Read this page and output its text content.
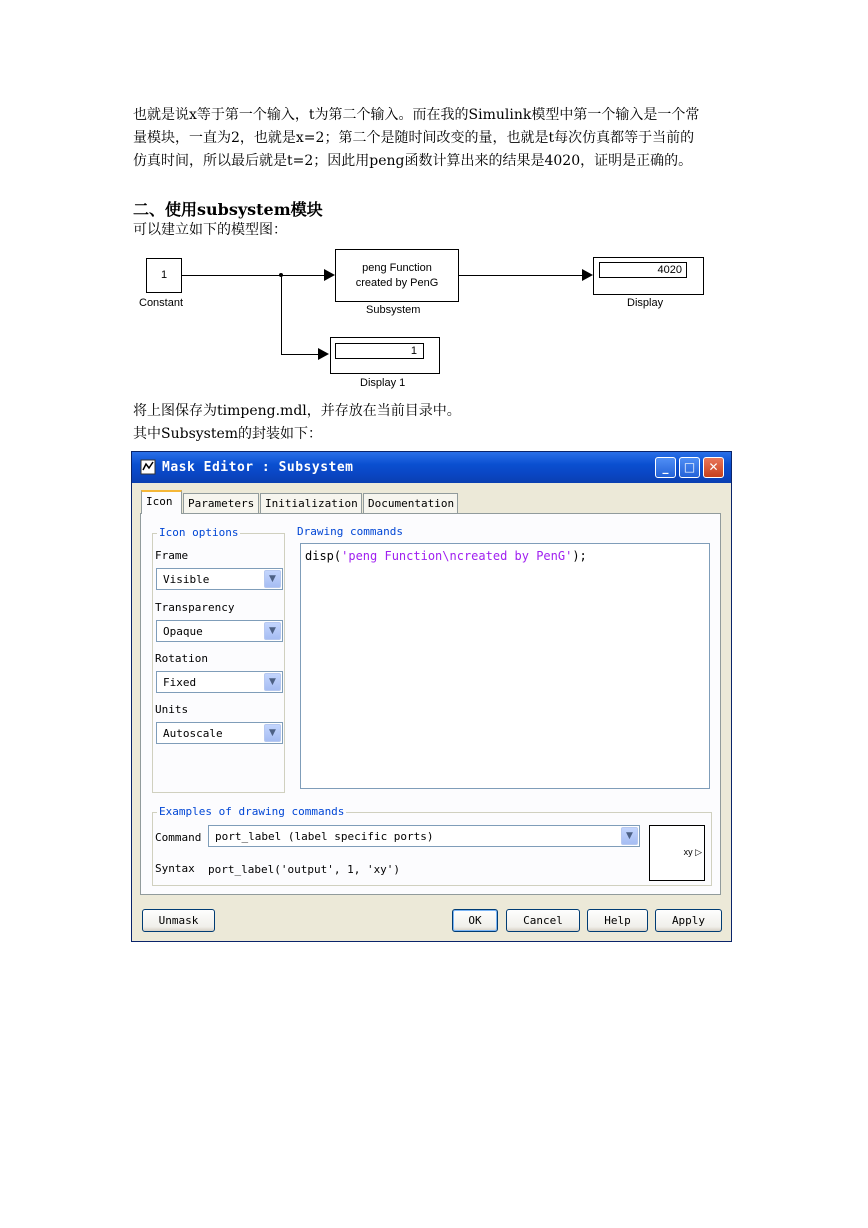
也就是说x等于第一个输入，t为第二个输入。而在我的Simulink模型中第一个输入是一个常
量模块，一直为2，也就是x=2；第二个是随时间改变的量，也就是t每次仿真都等于当前的
仿真时间，所以最后就是t=2；因此用peng函数计算出来的结果是4020，证明是正确的。
二、使用subsystem模块
可以建立如下的模型图：
1
Constant
peng Function
created by PenG
Subsystem
4020
Display
1
Display 1
将上图保存为timpeng.mdl，并存放在当前目录中。
其中Subsystem的封装如下：
Mask Editor : Subsystem	_	□	✕
Icon	Parameters Initialization Documentation
Icon options
Frame
Visible	▼
Transparency
Opaque	▼
Rotation
Fixed	▼
Units
Autoscale	▼
Drawing commands
disp('peng Function\ncreated by PenG');
Examples of drawing commands
Command port_label (label specific ports)	▼
Syntax port_label('output', 1, 'xy')
xy ▷
Unmask	OK	Cancel	Help	Apply
